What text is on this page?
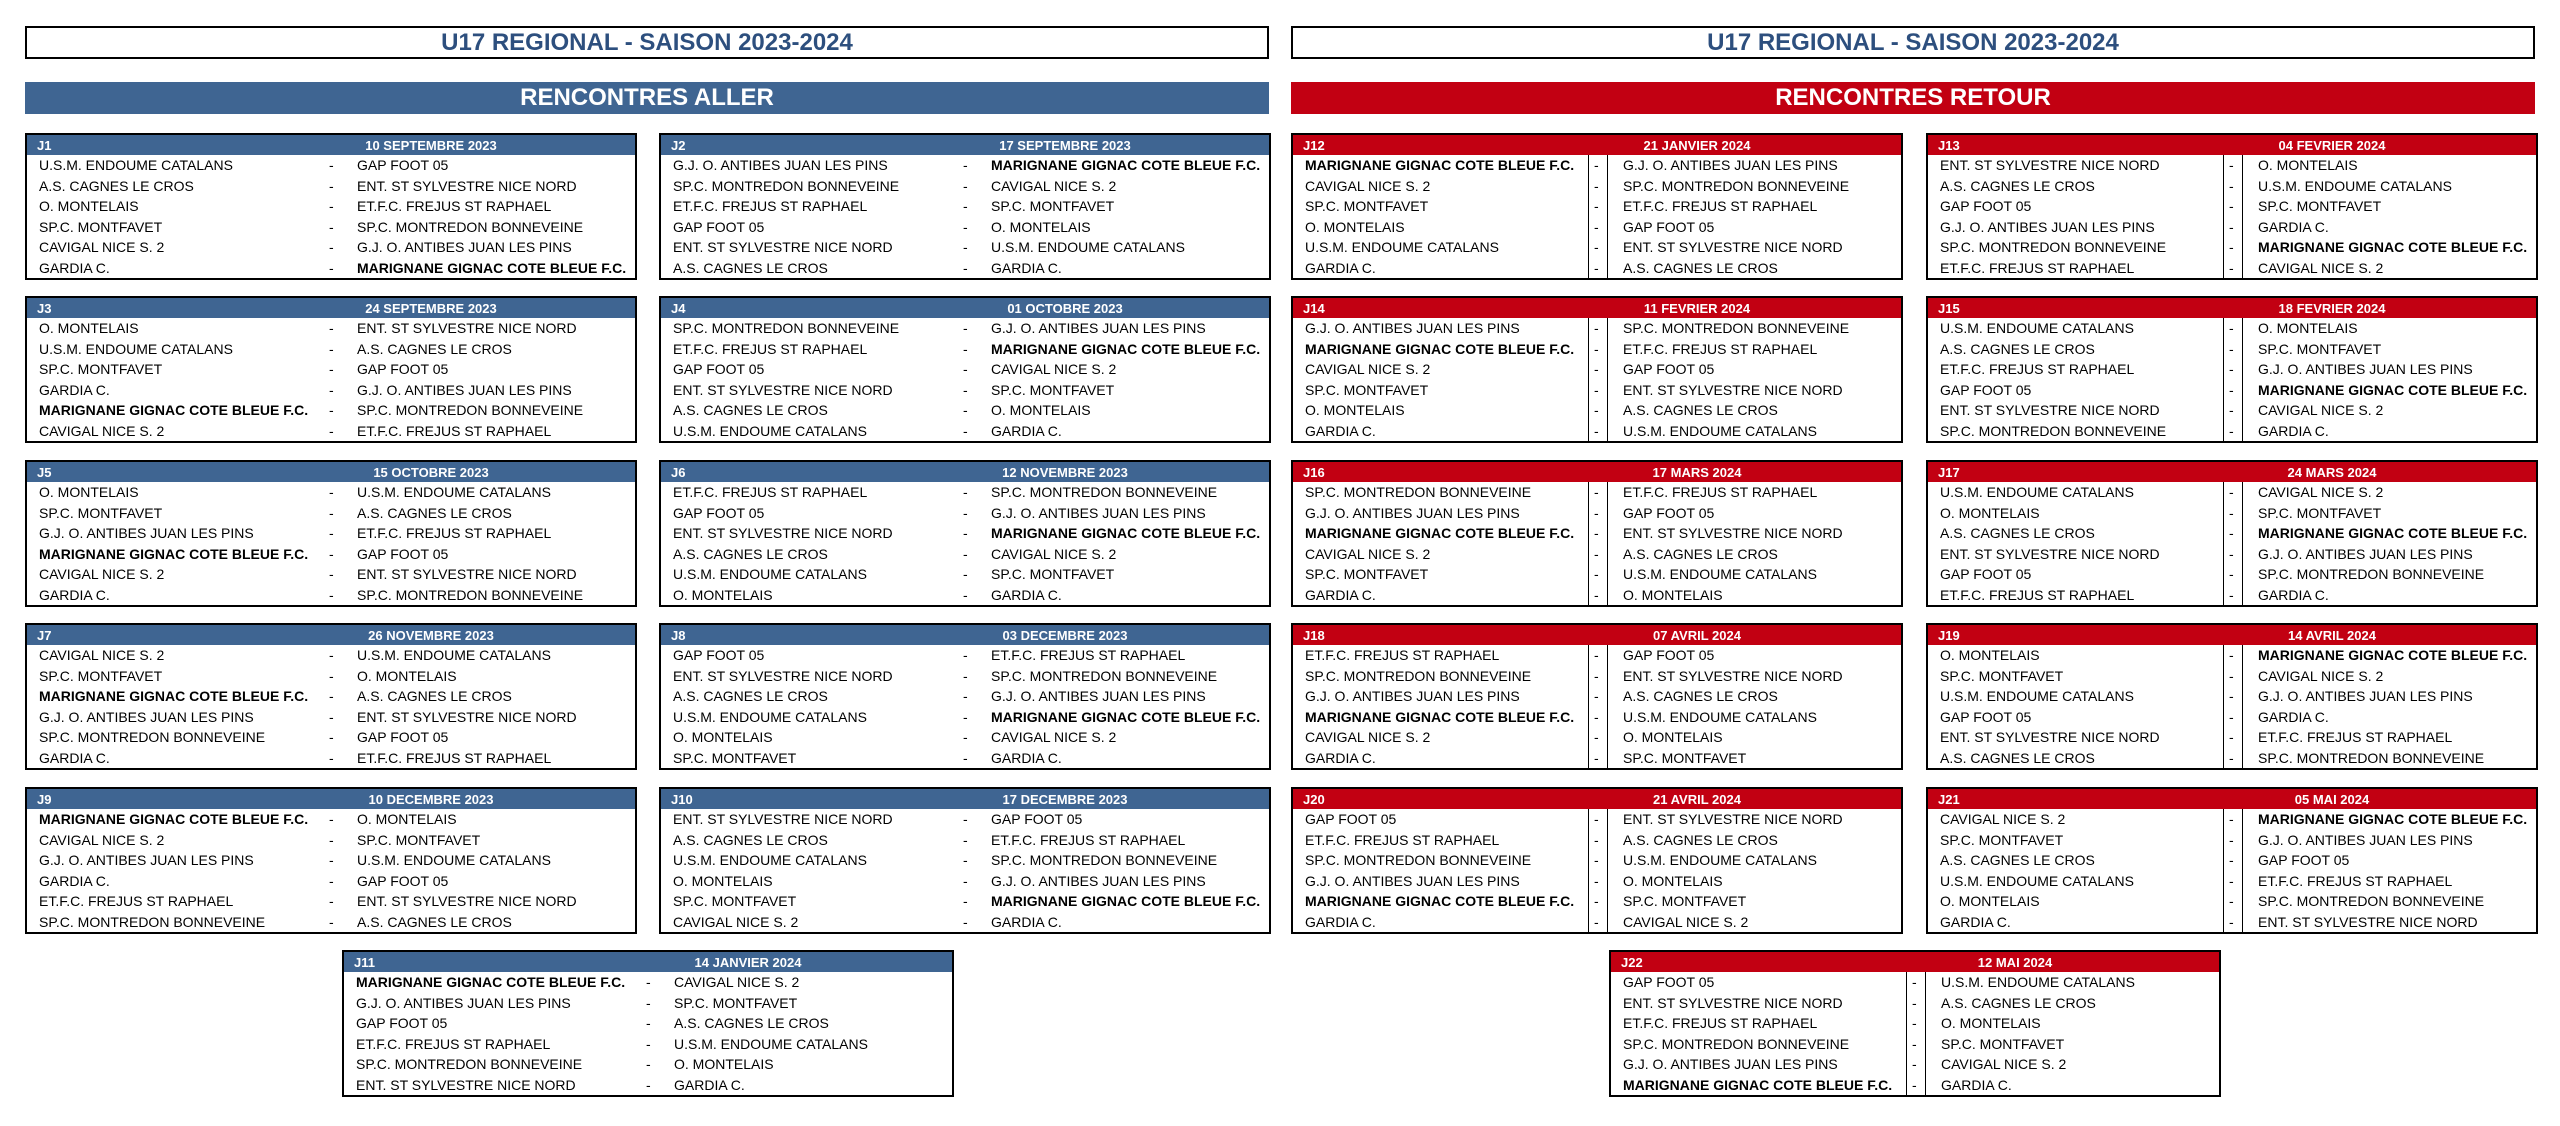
U17 REGIONAL - SAISON 2023-2024	U17 REGIONAL - SAISON 2023-2024
RENCONTRES ALLER	RENCONTRES RETOUR
J1	10 SEPTEMBRE 2023
U.S.M. ENDOUME CATALANS	- GAP FOOT 05
A.S. CAGNES LE CROS	- ENT. ST SYLVESTRE NICE NORD
O. MONTELAIS	- ET.F.C. FREJUS ST RAPHAEL
SP.C. MONTFAVET	- SP.C. MONTREDON BONNEVEINE
CAVIGAL NICE S. 2	- G.J. O. ANTIBES JUAN LES PINS
GARDIA C.	- MARIGNANE GIGNAC COTE BLEUE F.C.
J2	17 SEPTEMBRE 2023
G.J. O. ANTIBES JUAN LES PINS	- MARIGNANE GIGNAC COTE BLEUE F.C.
SP.C. MONTREDON BONNEVEINE	- CAVIGAL NICE S. 2
ET.F.C. FREJUS ST RAPHAEL	- SP.C. MONTFAVET
GAP FOOT 05	- O. MONTELAIS
ENT. ST SYLVESTRE NICE NORD	- U.S.M. ENDOUME CATALANS
A.S. CAGNES LE CROS	- GARDIA C.
J3	24 SEPTEMBRE 2023
O. MONTELAIS	- ENT. ST SYLVESTRE NICE NORD
U.S.M. ENDOUME CATALANS	- A.S. CAGNES LE CROS
SP.C. MONTFAVET	- GAP FOOT 05
GARDIA C.	- G.J. O. ANTIBES JUAN LES PINS
MARIGNANE GIGNAC COTE BLEUE F.C. - SP.C. MONTREDON BONNEVEINE
CAVIGAL NICE S. 2	- ET.F.C. FREJUS ST RAPHAEL
J4	01 OCTOBRE 2023
SP.C. MONTREDON BONNEVEINE	- G.J. O. ANTIBES JUAN LES PINS
ET.F.C. FREJUS ST RAPHAEL	- MARIGNANE GIGNAC COTE BLEUE F.C.
GAP FOOT 05	- CAVIGAL NICE S. 2
ENT. ST SYLVESTRE NICE NORD	- SP.C. MONTFAVET
A.S. CAGNES LE CROS	- O. MONTELAIS
U.S.M. ENDOUME CATALANS	- GARDIA C.
J5	15 OCTOBRE 2023
O. MONTELAIS	- U.S.M. ENDOUME CATALANS
SP.C. MONTFAVET	- A.S. CAGNES LE CROS
G.J. O. ANTIBES JUAN LES PINS	- ET.F.C. FREJUS ST RAPHAEL
MARIGNANE GIGNAC COTE BLEUE F.C. - GAP FOOT 05
CAVIGAL NICE S. 2	- ENT. ST SYLVESTRE NICE NORD
GARDIA C.	- SP.C. MONTREDON BONNEVEINE
J6	12 NOVEMBRE 2023
ET.F.C. FREJUS ST RAPHAEL	- SP.C. MONTREDON BONNEVEINE
GAP FOOT 05	- G.J. O. ANTIBES JUAN LES PINS
ENT. ST SYLVESTRE NICE NORD	- MARIGNANE GIGNAC COTE BLEUE F.C.
A.S. CAGNES LE CROS	- CAVIGAL NICE S. 2
U.S.M. ENDOUME CATALANS	- SP.C. MONTFAVET
O. MONTELAIS	- GARDIA C.
J7	26 NOVEMBRE 2023
CAVIGAL NICE S. 2	- U.S.M. ENDOUME CATALANS
SP.C. MONTFAVET	- O. MONTELAIS
MARIGNANE GIGNAC COTE BLEUE F.C. - A.S. CAGNES LE CROS
G.J. O. ANTIBES JUAN LES PINS	- ENT. ST SYLVESTRE NICE NORD
SP.C. MONTREDON BONNEVEINE	- GAP FOOT 05
GARDIA C.	- ET.F.C. FREJUS ST RAPHAEL
J8	03 DECEMBRE 2023
GAP FOOT 05	- ET.F.C. FREJUS ST RAPHAEL
ENT. ST SYLVESTRE NICE NORD	- SP.C. MONTREDON BONNEVEINE
A.S. CAGNES LE CROS	- G.J. O. ANTIBES JUAN LES PINS
U.S.M. ENDOUME CATALANS	- MARIGNANE GIGNAC COTE BLEUE F.C.
O. MONTELAIS	- CAVIGAL NICE S. 2
SP.C. MONTFAVET	- GARDIA C.
J9	10 DECEMBRE 2023
MARIGNANE GIGNAC COTE BLEUE F.C. - O. MONTELAIS
CAVIGAL NICE S. 2	- SP.C. MONTFAVET
G.J. O. ANTIBES JUAN LES PINS	- U.S.M. ENDOUME CATALANS
GARDIA C.	- GAP FOOT 05
ET.F.C. FREJUS ST RAPHAEL	- ENT. ST SYLVESTRE NICE NORD
SP.C. MONTREDON BONNEVEINE	- A.S. CAGNES LE CROS
J10	17 DECEMBRE 2023
ENT. ST SYLVESTRE NICE NORD	- GAP FOOT 05
A.S. CAGNES LE CROS	- ET.F.C. FREJUS ST RAPHAEL
U.S.M. ENDOUME CATALANS	- SP.C. MONTREDON BONNEVEINE
O. MONTELAIS	- G.J. O. ANTIBES JUAN LES PINS
SP.C. MONTFAVET	- MARIGNANE GIGNAC COTE BLEUE F.C.
CAVIGAL NICE S. 2	- GARDIA C.
J11	14 JANVIER 2024
MARIGNANE GIGNAC COTE BLEUE F.C. - CAVIGAL NICE S. 2
G.J. O. ANTIBES JUAN LES PINS	- SP.C. MONTFAVET
GAP FOOT 05	- A.S. CAGNES LE CROS
ET.F.C. FREJUS ST RAPHAEL	- U.S.M. ENDOUME CATALANS
SP.C. MONTREDON BONNEVEINE	- O. MONTELAIS
ENT. ST SYLVESTRE NICE NORD	- GARDIA C.
J12	21 JANVIER 2024
MARIGNANE GIGNAC COTE BLEUE F.C. - G.J. O. ANTIBES JUAN LES PINS
CAVIGAL NICE S. 2	- SP.C. MONTREDON BONNEVEINE
SP.C. MONTFAVET	- ET.F.C. FREJUS ST RAPHAEL
O. MONTELAIS	- GAP FOOT 05
U.S.M. ENDOUME CATALANS	- ENT. ST SYLVESTRE NICE NORD
GARDIA C.	- A.S. CAGNES LE CROS
J13	04 FEVRIER 2024
ENT. ST SYLVESTRE NICE NORD	- O. MONTELAIS
A.S. CAGNES LE CROS	- U.S.M. ENDOUME CATALANS
GAP FOOT 05	- SP.C. MONTFAVET
G.J. O. ANTIBES JUAN LES PINS	- GARDIA C.
SP.C. MONTREDON BONNEVEINE	- MARIGNANE GIGNAC COTE BLEUE F.C.
ET.F.C. FREJUS ST RAPHAEL	- CAVIGAL NICE S. 2
J14	11 FEVRIER 2024
G.J. O. ANTIBES JUAN LES PINS	- SP.C. MONTREDON BONNEVEINE
MARIGNANE GIGNAC COTE BLEUE F.C. - ET.F.C. FREJUS ST RAPHAEL
CAVIGAL NICE S. 2	- GAP FOOT 05
SP.C. MONTFAVET	- ENT. ST SYLVESTRE NICE NORD
O. MONTELAIS	- A.S. CAGNES LE CROS
GARDIA C.	- U.S.M. ENDOUME CATALANS
J15	18 FEVRIER 2024
U.S.M. ENDOUME CATALANS	- O. MONTELAIS
A.S. CAGNES LE CROS	- SP.C. MONTFAVET
ET.F.C. FREJUS ST RAPHAEL	- G.J. O. ANTIBES JUAN LES PINS
GAP FOOT 05	- MARIGNANE GIGNAC COTE BLEUE F.C.
ENT. ST SYLVESTRE NICE NORD	- CAVIGAL NICE S. 2
SP.C. MONTREDON BONNEVEINE	- GARDIA C.
J16	17 MARS 2024
SP.C. MONTREDON BONNEVEINE	- ET.F.C. FREJUS ST RAPHAEL
G.J. O. ANTIBES JUAN LES PINS	- GAP FOOT 05
MARIGNANE GIGNAC COTE BLEUE F.C. - ENT. ST SYLVESTRE NICE NORD
CAVIGAL NICE S. 2	- A.S. CAGNES LE CROS
SP.C. MONTFAVET	- U.S.M. ENDOUME CATALANS
GARDIA C.	- O. MONTELAIS
J17	24 MARS 2024
U.S.M. ENDOUME CATALANS	- CAVIGAL NICE S. 2
O. MONTELAIS	- SP.C. MONTFAVET
A.S. CAGNES LE CROS	- MARIGNANE GIGNAC COTE BLEUE F.C.
ENT. ST SYLVESTRE NICE NORD	- G.J. O. ANTIBES JUAN LES PINS
GAP FOOT 05	- SP.C. MONTREDON BONNEVEINE
ET.F.C. FREJUS ST RAPHAEL	- GARDIA C.
J18	07 AVRIL 2024
ET.F.C. FREJUS ST RAPHAEL	- GAP FOOT 05
SP.C. MONTREDON BONNEVEINE	- ENT. ST SYLVESTRE NICE NORD
G.J. O. ANTIBES JUAN LES PINS	- A.S. CAGNES LE CROS
MARIGNANE GIGNAC COTE BLEUE F.C. - U.S.M. ENDOUME CATALANS
CAVIGAL NICE S. 2	- O. MONTELAIS
GARDIA C.	- SP.C. MONTFAVET
J19	14 AVRIL 2024
O. MONTELAIS	- MARIGNANE GIGNAC COTE BLEUE F.C.
SP.C. MONTFAVET	- CAVIGAL NICE S. 2
U.S.M. ENDOUME CATALANS	- G.J. O. ANTIBES JUAN LES PINS
GAP FOOT 05	- GARDIA C.
ENT. ST SYLVESTRE NICE NORD	- ET.F.C. FREJUS ST RAPHAEL
A.S. CAGNES LE CROS	- SP.C. MONTREDON BONNEVEINE
J20	21 AVRIL 2024
GAP FOOT 05	- ENT. ST SYLVESTRE NICE NORD
ET.F.C. FREJUS ST RAPHAEL	- A.S. CAGNES LE CROS
SP.C. MONTREDON BONNEVEINE	- U.S.M. ENDOUME CATALANS
G.J. O. ANTIBES JUAN LES PINS	- O. MONTELAIS
MARIGNANE GIGNAC COTE BLEUE F.C. - SP.C. MONTFAVET
GARDIA C.	- CAVIGAL NICE S. 2
J21	05 MAI 2024
CAVIGAL NICE S. 2	- MARIGNANE GIGNAC COTE BLEUE F.C.
SP.C. MONTFAVET	- G.J. O. ANTIBES JUAN LES PINS
A.S. CAGNES LE CROS	- GAP FOOT 05
U.S.M. ENDOUME CATALANS	- ET.F.C. FREJUS ST RAPHAEL
O. MONTELAIS	- SP.C. MONTREDON BONNEVEINE
GARDIA C.	- ENT. ST SYLVESTRE NICE NORD
J22	12 MAI 2024
GAP FOOT 05	- U.S.M. ENDOUME CATALANS
ENT. ST SYLVESTRE NICE NORD	- A.S. CAGNES LE CROS
ET.F.C. FREJUS ST RAPHAEL	- O. MONTELAIS
SP.C. MONTREDON BONNEVEINE	- SP.C. MONTFAVET
G.J. O. ANTIBES JUAN LES PINS	- CAVIGAL NICE S. 2
MARIGNANE GIGNAC COTE BLEUE F.C. - GARDIA C.
